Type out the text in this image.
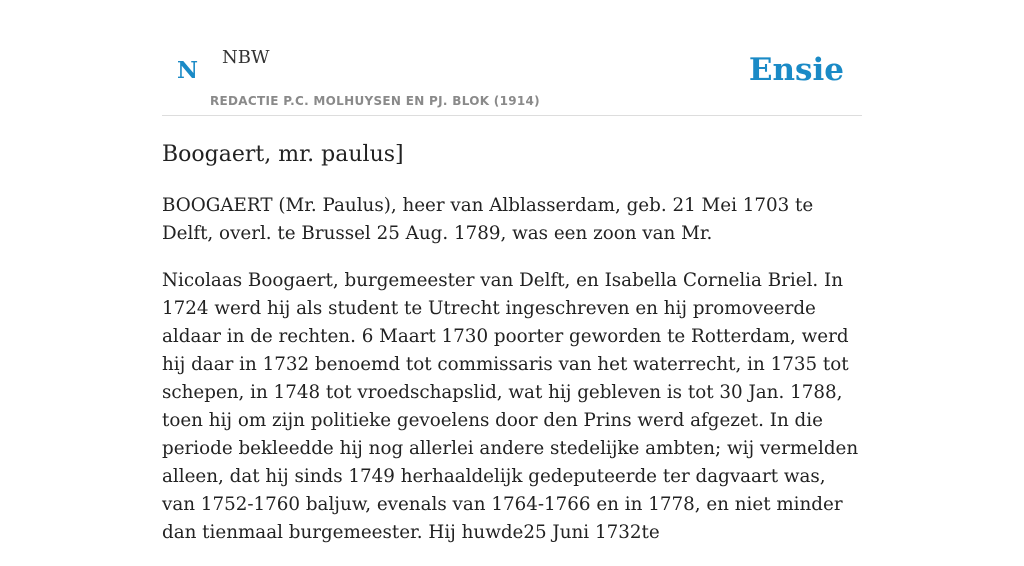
N NBW
REDACTIE P.C. MOLHUYSEN EN PJ. BLOK (1914)
Ensie
Boogaert, mr. paulus]

BOOGAERT (Mr. Paulus), heer van Alblasserdam, geb. 21 Mei 1703 te Delft, overl. te Brussel 25 Aug. 1789, was een zoon van Mr.

Nicolaas Boogaert, burgemeester van Delft, en Isabella Cornelia Briel. In 1724 werd hij als student te Utrecht ingeschreven en hij promoveerde aldaar in de rechten. 6 Maart 1730 poorter geworden te Rotterdam, werd hij daar in 1732 benoemd tot commissaris van het waterrecht, in 1735 tot schepen, in 1748 tot vroedschapslid, wat hij gebleven is tot 30 Jan. 1788, toen hij om zijn politieke gevoelens door den Prins werd afgezet. In die periode bekleedde hij nog allerlei andere stedelijke ambten; wij vermelden alleen, dat hij sinds 1749 herhaaldelijk gedeputeerde ter dagvaart was, van 1752-1760 baljuw, evenals van 1764-1766 en in 1778, en niet minder dan tienmaal burgemeester. Hij huwde25 Juni 1732te
